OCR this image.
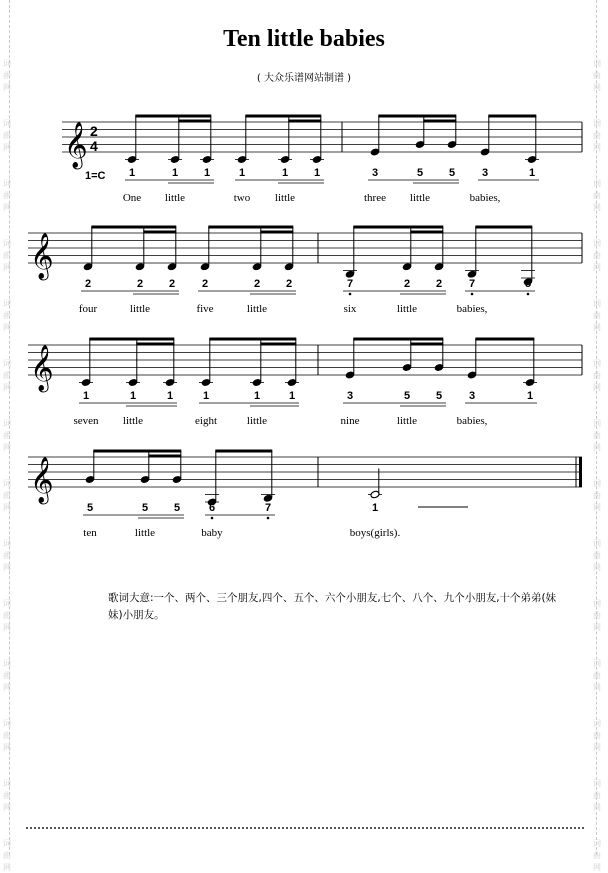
词
曲
网
词
曲
网
词
曲
网
词
曲
网
词
曲
网
词
曲
网
词
曲
网
词
曲
网
词
曲
网
词
曲
网
词
曲
网
词
曲
网
词
曲
网
词
曲
网
词
曲
网
词
曲
网
词
曲
网
词
曲
网
词
曲
网
词
曲
网
词
曲
网
词
曲
网
词
曲
网
词
曲
网
词
曲
网
词
曲
网
词
曲
网
词
曲
网
Ten little babies
( 大众乐谱网站制谱 )
𝄞 2
4
𝄞
𝄞
𝄞
1
One
1
little
1	1
two
1
little
1	3
three
5
little
5	3
babies,
1
1=C
2
four
2
little
2	2
five
2
little
2	7
six
2
little
2	7
babies,
5
1
seven
1
little
1	1
eight
1
little
1	3
nine
5
little
5	3
babies,
1
5
ten
5
little
5	6
baby
7	1
boys(girls).
歌词大意:一个、两个、三个朋友,四个、五个、六个小朋友,七个、八个、九个小朋友,十个弟弟(妹妹)小朋友。
